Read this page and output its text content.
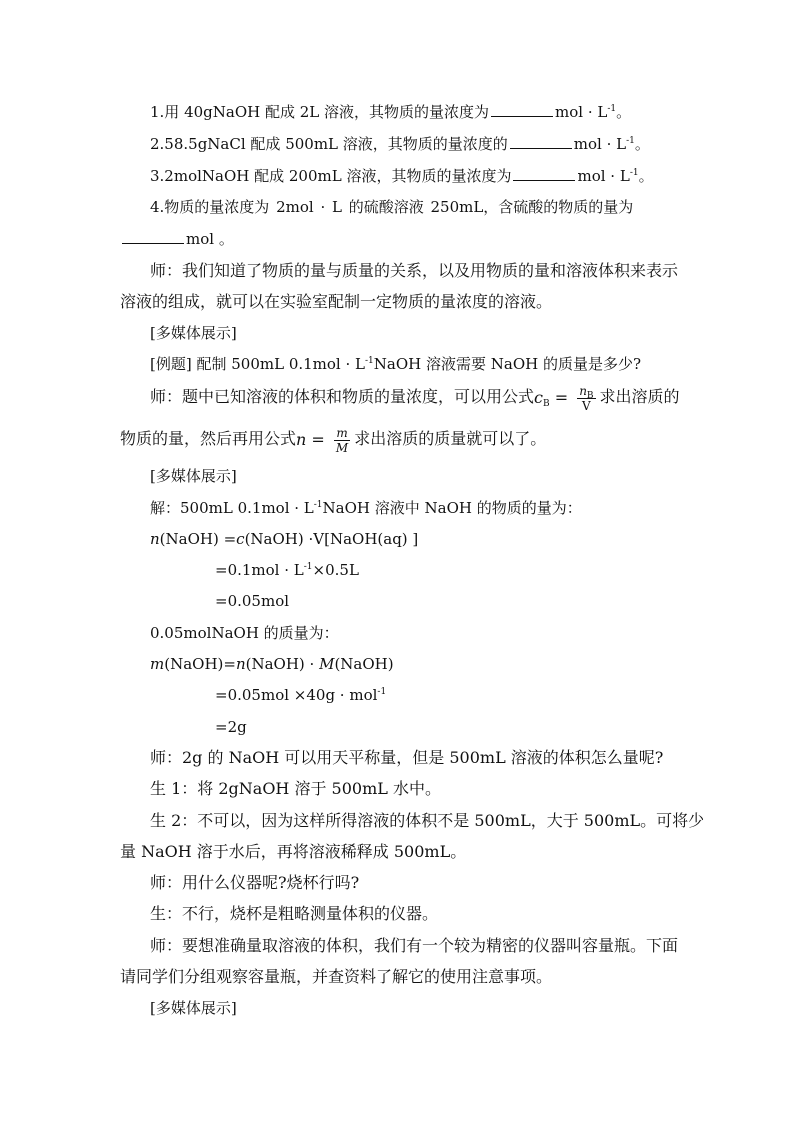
1.用 40gNaOH 配成 2L 溶液，其物质的量浓度为	mol · $L^{-1}$。
2.58.5gNaCl 配成 500mL 溶液，其物质的量浓度的	mol · $L^{-1}$。
3.2molNaOH 配成 200mL 溶液，其物质的量浓度为	mol · $L^{-1}$。
4.物质的量浓度为 2mol · L 的硫酸溶液 250mL，含硫酸的物质的量为
mol 。
师：我们知道了物质的量与质量的关系，以及用物质的量和溶液体积来表示
溶液的组成，就可以在实验室配制一定物质的量浓度的溶液。
[多媒体展示]
[例题] 配制 500mL $0.1mol \cdot L^{-1}NaOH$ 溶液需要 NaOH 的质量是多少?
师：题中已知溶液的体积和物质的量浓度，可以用公式$c_B = \frac{n_B}{V}$ 求出溶质的
物质的量，然后再用公式$n = \frac{m}{M}$ 求出溶质的质量就可以了。
[多媒体展示]
解：500mL $0.1mol \cdot L^{-1}NaOH$ 溶液中 NaOH 的物质的量为：
n(NaOH) =c(NaOH) ·V[NaOH(aq) ]
$=0.1mol \cdot L^{-1}\times 0.5L$
=0.05mol
0.05molNaOH 的质量为：
m(NaOH)=n(NaOH) · M(NaOH)
=0.05mol ×40g · mol$^{-1}$
=2g
师：2g 的 NaOH 可以用天平称量，但是 500mL 溶液的体积怎么量呢?
生 1：将 2gNaOH 溶于 500mL 水中。
生 2：不可以，因为这样所得溶液的体积不是 500mL，大于 500mL。可将少
量 NaOH 溶于水后，再将溶液稀释成 500mL。
师：用什么仪器呢?烧杯行吗?
生：不行，烧杯是粗略测量体积的仪器。
师：要想准确量取溶液的体积，我们有一个较为精密的仪器叫容量瓶。下面
请同学们分组观察容量瓶，并查资料了解它的使用注意事项。
[多媒体展示]
